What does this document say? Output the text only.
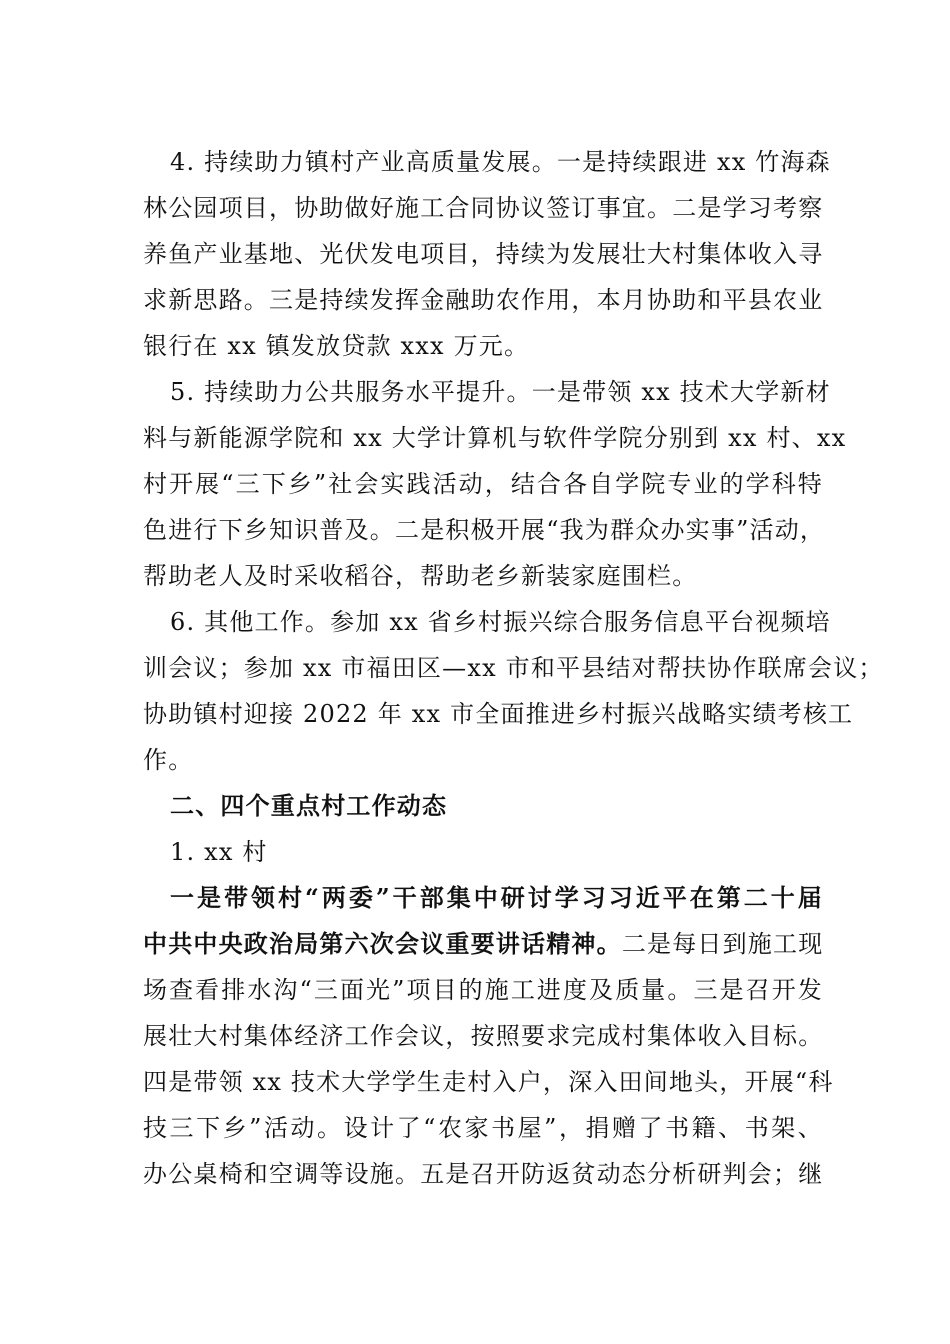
4. 持续助力镇村产业高质量发展。一是持续跟进 xx 竹海森
林公园项目，协助做好施工合同协议签订事宜。二是学习考察
养鱼产业基地、光伏发电项目，持续为发展壮大村集体收入寻
求新思路。三是持续发挥金融助农作用，本月协助和平县农业
银行在 xx 镇发放贷款 xxx 万元。
5. 持续助力公共服务水平提升。一是带领 xx 技术大学新材
料与新能源学院和 xx 大学计算机与软件学院分别到 xx 村、xx
村开展“三下乡”社会实践活动，结合各自学院专业的学科特
色进行下乡知识普及。二是积极开展“我为群众办实事”活动，
帮助老人及时采收稻谷，帮助老乡新装家庭围栏。
6. 其他工作。参加 xx 省乡村振兴综合服务信息平台视频培
训会议；参加 xx 市福田区—xx 市和平县结对帮扶协作联席会议；
协助镇村迎接 2022 年 xx 市全面推进乡村振兴战略实绩考核工
作。
二、四个重点村工作动态
1. xx 村
一是带领村“两委”干部集中研讨学习习近平在第二十届
中共中央政治局第六次会议重要讲话精神。 二是每日到施工现
场查看排水沟“三面光”项目的施工进度及质量。三是召开发
展壮大村集体经济工作会议，按照要求完成村集体收入目标。
四是带领 xx 技术大学学生走村入户，深入田间地头，开展“科
技三下乡”活动。设计了“农家书屋”，捐赠了书籍、书架、
办公桌椅和空调等设施。五是召开防返贫动态分析研判会；继
